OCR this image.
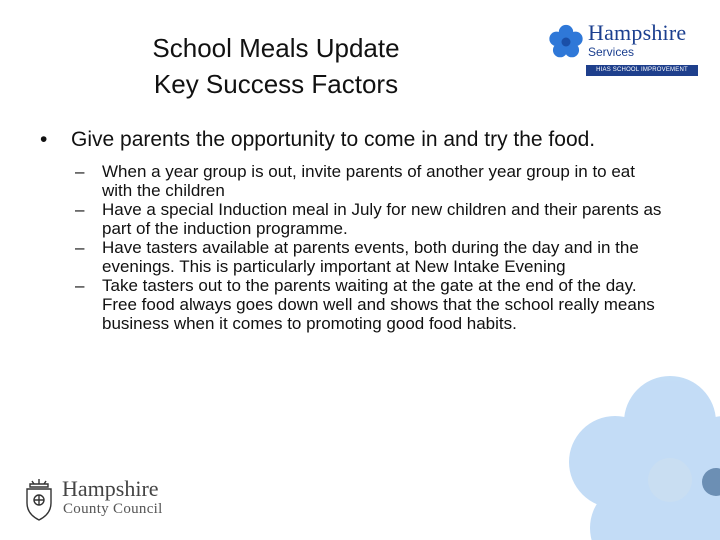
School Meals Update
Key Success Factors
Hampshire
Services
HIAS SCHOOL IMPROVEMENT
• Give parents the opportunity to come in and try the food.
– When a year group is out, invite parents of another year group in to eat with the children
– Have a special Induction meal in July for new children and their parents as part of the induction programme.
– Have tasters available at parents events, both during the day and in the evenings. This is particularly important at New Intake Evening
– Take tasters out to the parents waiting at the gate at the end of the day. Free food always goes down well and shows that the school really means business when it comes to promoting good food habits.
Hampshire
County Council
